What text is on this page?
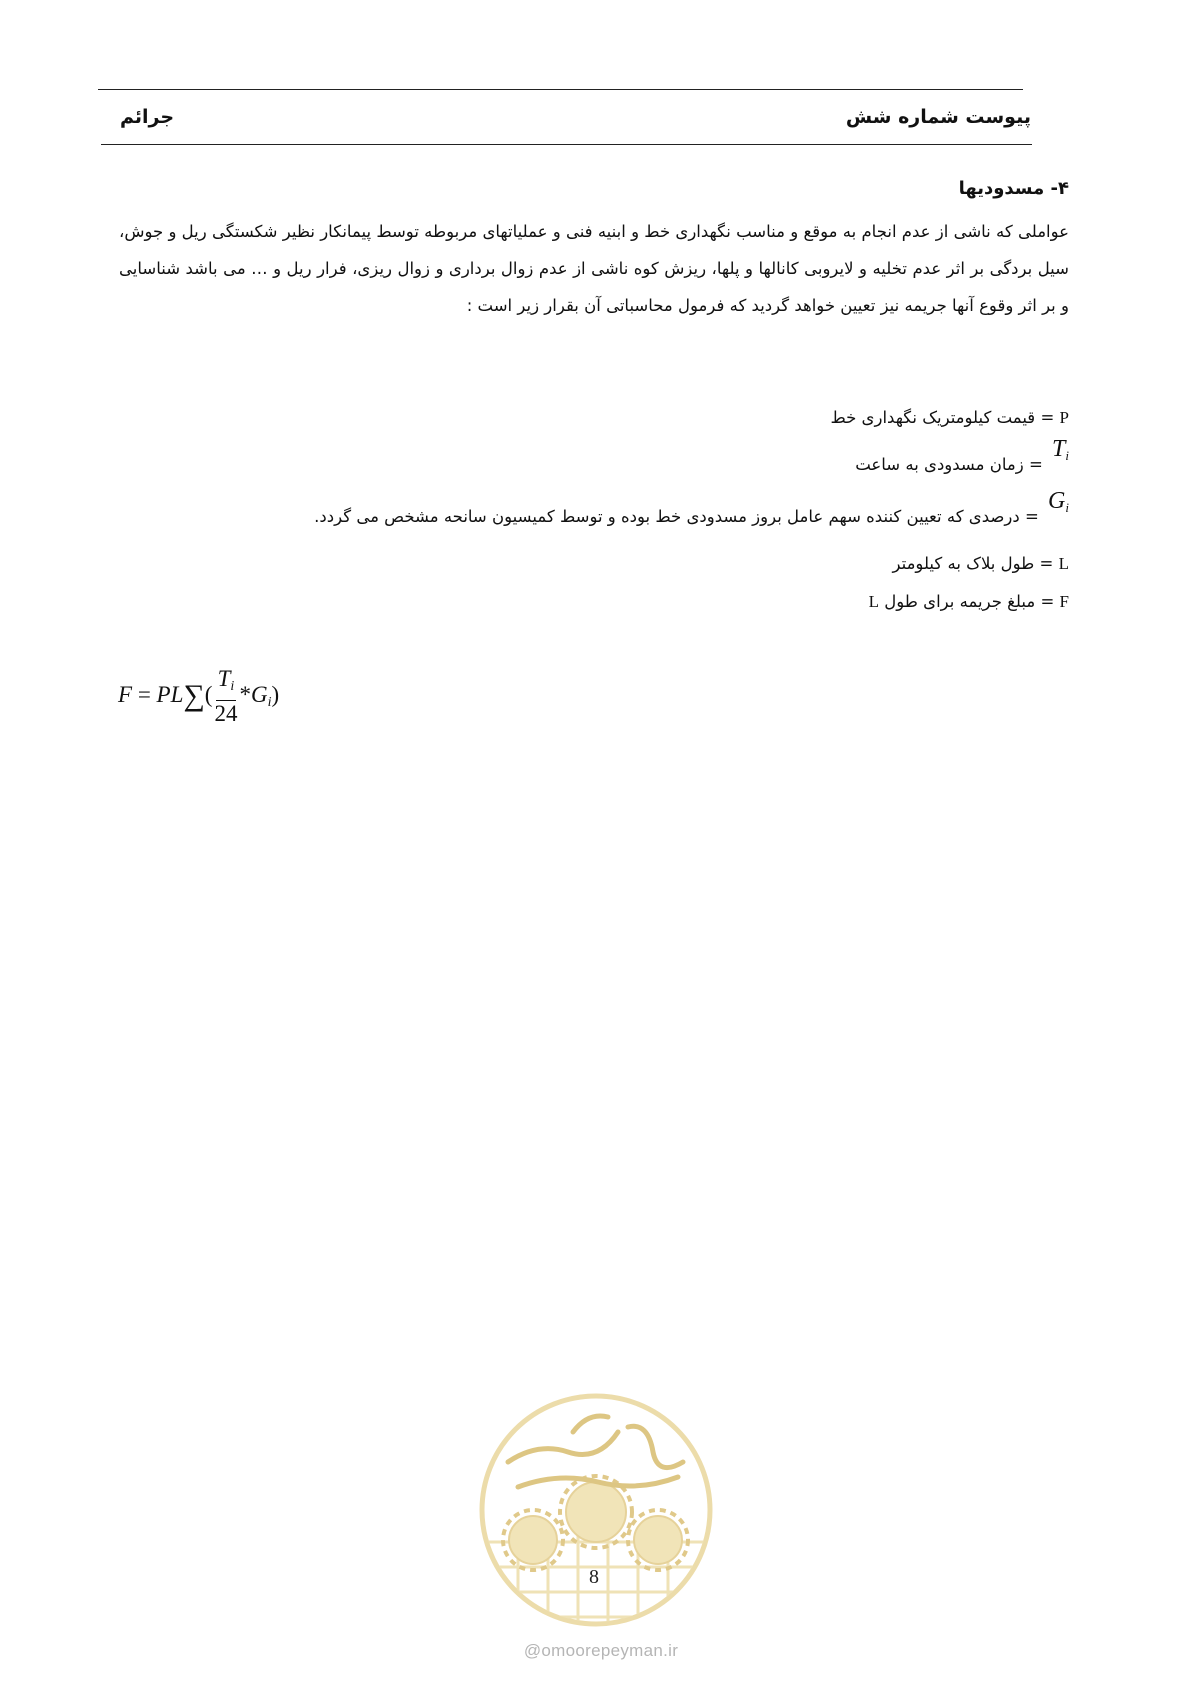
پیوست شماره شش
جرائم
۴- مسدودیها
عواملی که ناشی از عدم انجام به موقع و مناسب نگهداری خط و ابنیه فنی و عملیاتهای مربوطه توسط پیمانکار نظیر شکستگی ریل و جوش، سیل بردگی بر اثر عدم تخلیه و لایروبی کانالها و پلها، ریزش کوه ناشی از عدم زوال برداری و زوال ریزی، فرار ریل و … می باشد شناسایی و بر اثر وقوع آنها جریمه نیز تعیین خواهد گردید که فرمول محاسباتی آن بقرار زیر است :
P = قیمت کیلومتریک نگهداری خط
$T_i$ = زمان مسدودی به ساعت
$G_i$ = درصدی که تعیین کننده سهم عامل بروز مسدودی خط بوده و توسط کمیسیون سانحه مشخص می گردد.
L = طول بلاک به کیلومتر
F = مبلغ جریمه برای طول L
$F = PL\sum( \frac{T_i}{24} *G_i)$
8
@omoorepeyman.ir
